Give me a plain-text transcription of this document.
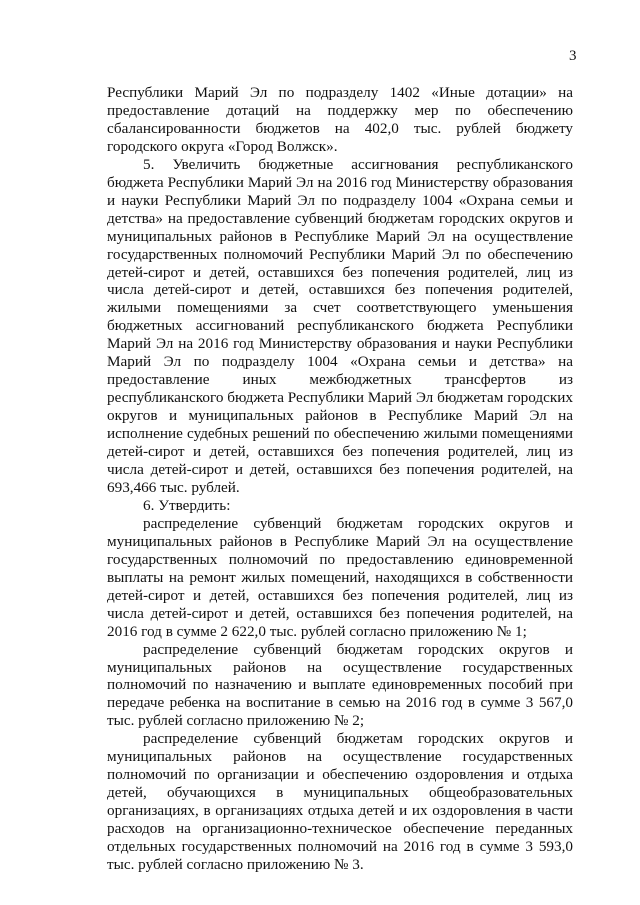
3

Республики Марий Эл по подразделу 1402 «Иные дотации» на предоставление дотаций на поддержку мер по обеспечению сбалансированности бюджетов на 402,0 тыс. рублей бюджету городского округа «Город Волжск».

5. Увеличить бюджетные ассигнования республиканского бюджета Республики Марий Эл на 2016 год Министерству образования и науки Республики Марий Эл по подразделу 1004 «Охрана семьи и детства» на предоставление субвенций бюджетам городских округов и муниципальных районов в Республике Марий Эл на осуществление государственных полномочий Республики Марий Эл по обеспечению детей-сирот и детей, оставшихся без попечения родителей, лиц из числа детей-сирот и детей, оставшихся без попечения родителей, жилыми помещениями за счет соответствующего уменьшения бюджетных ассигнований республиканского бюджета Республики Марий Эл на 2016 год Министерству образования и науки Республики Марий Эл по подразделу 1004 «Охрана семьи и детства» на предоставление иных межбюджетных трансфертов из республиканского бюджета Республики Марий Эл бюджетам городских округов и муниципальных районов в Республике Марий Эл на исполнение судебных решений по обеспечению жилыми помещениями детей-сирот и детей, оставшихся без попечения родителей, лиц из числа детей-сирот и детей, оставшихся без попечения родителей, на 693,466 тыс. рублей.

6. Утвердить:

распределение субвенций бюджетам городских округов и муниципальных районов в Республике Марий Эл на осуществление государственных полномочий по предоставлению единовременной выплаты на ремонт жилых помещений, находящихся в собственности детей-сирот и детей, оставшихся без попечения родителей, лиц из числа детей-сирот и детей, оставшихся без попечения родителей, на 2016 год в сумме 2 622,0 тыс. рублей согласно приложению № 1;

распределение субвенций бюджетам городских округов и муниципальных районов на осуществление государственных полномочий по назначению и выплате единовременных пособий при передаче ребенка на воспитание в семью на 2016 год в сумме 3 567,0 тыс. рублей согласно приложению № 2;

распределение субвенций бюджетам городских округов и муниципальных районов на осуществление государственных полномочий по организации и обеспечению оздоровления и отдыха детей, обучающихся в муниципальных общеобразовательных организациях, в организациях отдыха детей и их оздоровления в части расходов на организационно-техническое обеспечение переданных отдельных государственных полномочий на 2016 год в сумме 3 593,0 тыс. рублей согласно приложению № 3.
